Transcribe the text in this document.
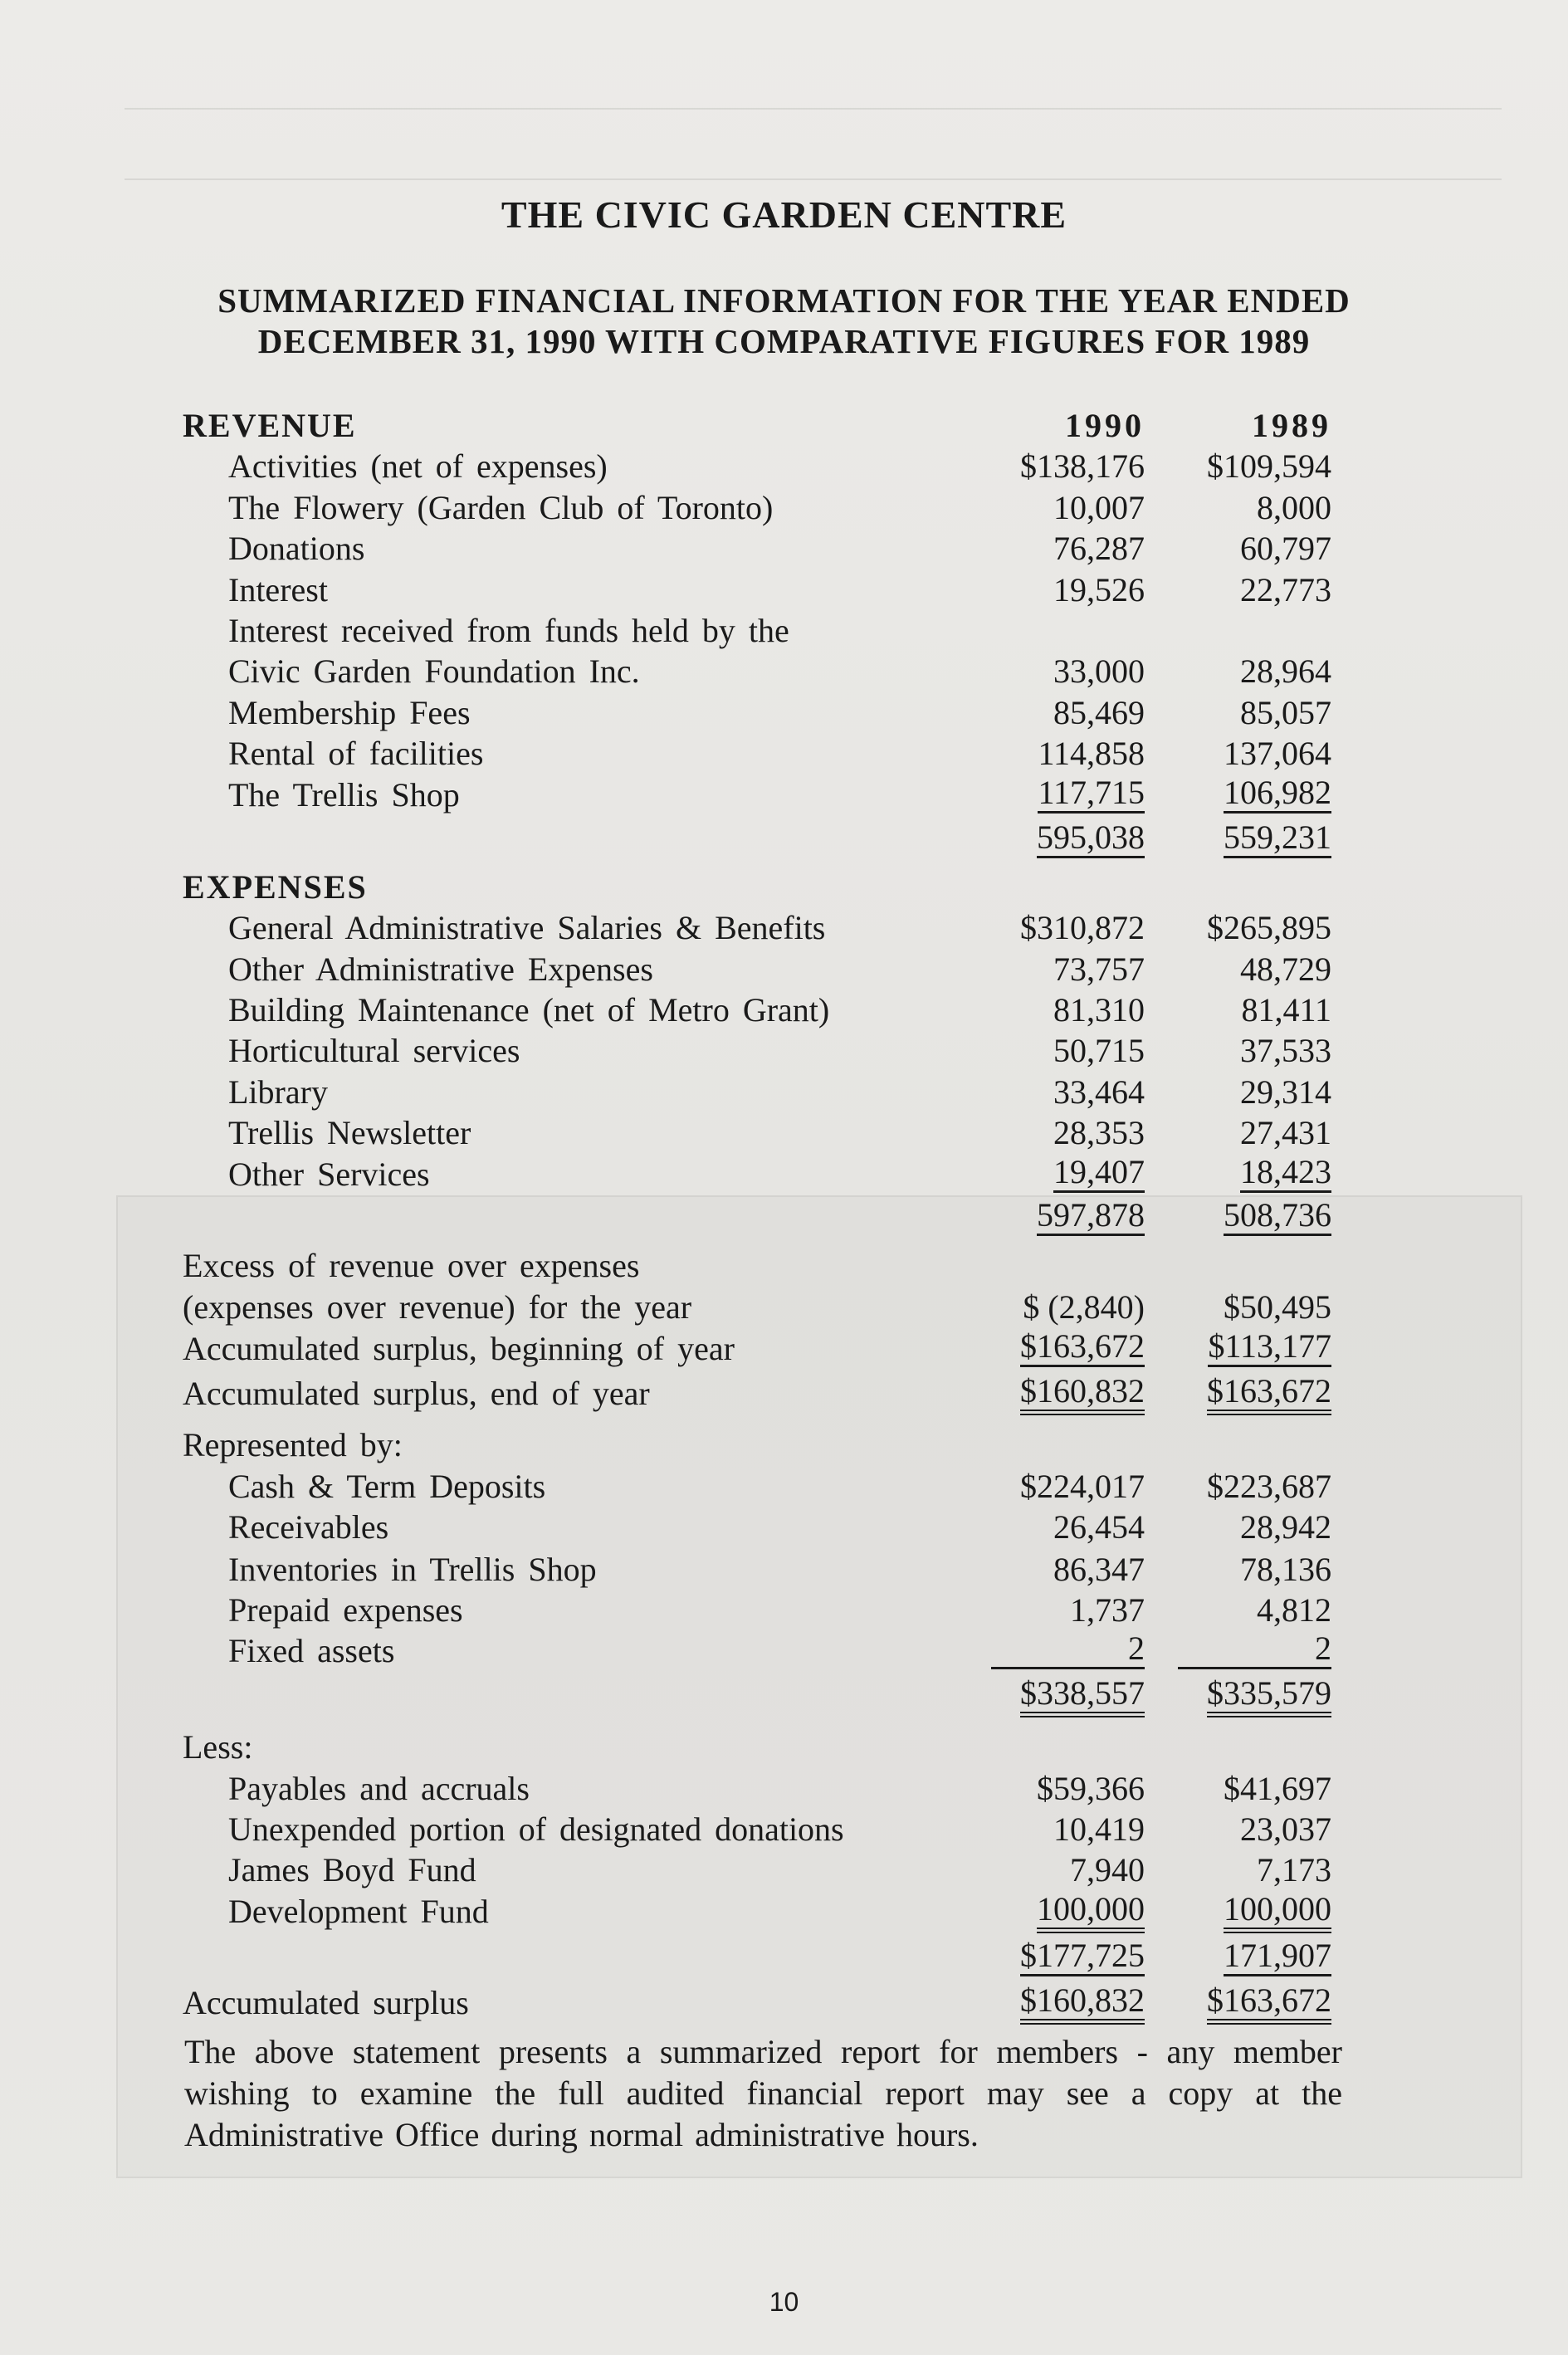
THE CIVIC GARDEN CENTRE
SUMMARIZED FINANCIAL INFORMATION FOR THE YEAR ENDED
DECEMBER 31, 1990 WITH COMPARATIVE FIGURES FOR 1989
REVENUE	1990	1989
Activities (net of expenses)	$138,176 $109,594
The Flowery (Garden Club of Toronto)	10,007	8,000
Donations	76,287	60,797
Interest	19,526	22,773
Interest received from funds held by the
Civic Garden Foundation Inc.	33,000	28,964
Membership Fees	85,469	85,057
Rental of facilities	114,858 137,064
The Trellis Shop	117,715 106,982
595,038 559,231
EXPENSES
General Administrative Salaries & Benefits	$310,872 $265,895
Other Administrative Expenses	73,757	48,729
Building Maintenance (net of Metro Grant)	81,310	81,411
Horticultural services	50,715	37,533
Library	33,464	29,314
Trellis Newsletter	28,353	27,431
Other Services	19,407	18,423
597,878 508,736
Excess of revenue over expenses
(expenses over revenue) for the year	$ (2,840) $50,495
Accumulated surplus, beginning of year	$163,672 $113,177
Accumulated surplus, end of year	$160,832 $163,672
Represented by:
Cash & Term Deposits	$224,017 $223,687
Receivables	26,454	28,942
Inventories in Trellis Shop	86,347	78,136
Prepaid expenses	1,737	4,812
Fixed assets	2	2
$338,557 $335,579
Less:
Payables and accruals	$59,366 $41,697
Unexpended portion of designated donations	10,419	23,037
James Boyd Fund	7,940	7,173
Development Fund	100,000 100,000
$177,725 171,907
Accumulated surplus	$160,832 $163,672
The above statement presents a summarized report for members - any member wishing to examine the full audited financial report may see a copy at the Administrative Office during normal administrative hours.
10
